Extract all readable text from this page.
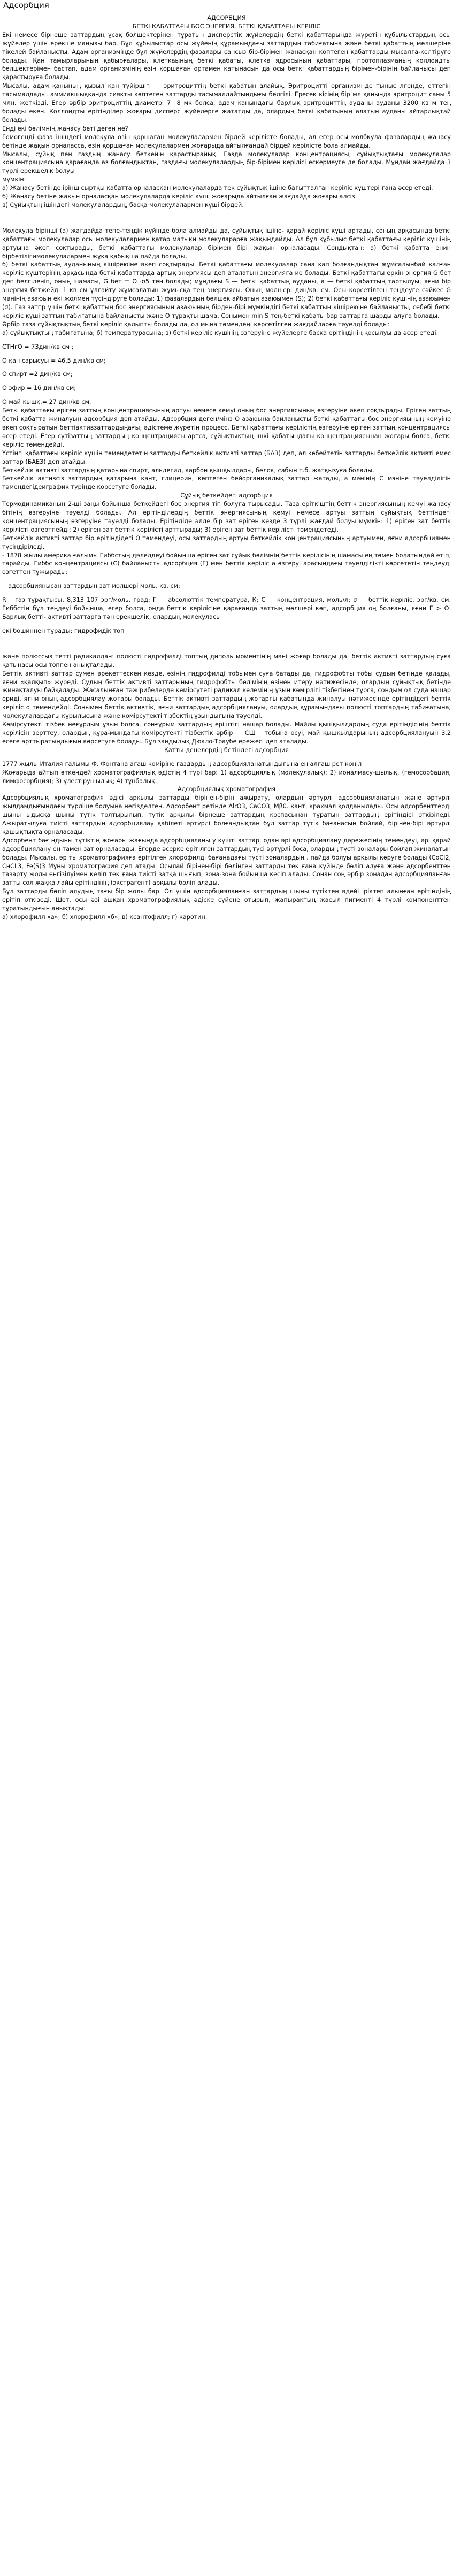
Адсорбция

АДСОРБЦИЯ

БЕТКІ КАБАТТАҒЫ БОС ЭНЕРГИЯ. БЕТКІ ҚАБАТТАҒЫ КЕРІЛІС

Екі немесе бірнеше заттардың ұсақ бөлшектерінен тұратын дисперстік жүйелердің беткі қабаттарында жүретін құбылыстардың осы жүйелер үшін ерекше маңызы бар. Бұл құбылыстар осы жүйенің құрамындағы заттардың табиғатына және беткі қабаттың мөлшеріне тікелей байланысты. Адам организмінде бұл жүйелердің фазалары сансыз бір-бірімен жанасқан көптеген қабаттарды мысалға-келтіруге болады. Қан тамырларының қабырғалары, клеткаының беткі қабаты, клетка ядросының қабаттары, протоплазманың коллоидты бөлшектерімен бастап, адам организмінің өзін қоршаған ортамен қатынасын да осы беткі қабаттардың бірімен-бірінің байланысы деп қарастыруға болады.

Мысалы, адам қанының қызыл қан түйіршігі — эритроциттің беткі қабатын алайық. Эритроцитті организмнде тыныс лғенде, оттегін тасымалдады. аммиакшыққанда сиякты көптеген заттарды тасымалдайтындығы белгілі. Ересек кісінің бір мл қанында эритроцит саны 5 млн. жеткізді. Егер әрбір эритроциттің диаметрі 7—8 мк болса, адам қанындағы барлық эритроциттің ауданы ауданы 3200 кв м тең болады екен. Коллоидты ерітінділер жоғары дисперс жүйелерге жататды да, олардың беткі қабатының алатын ауданы айтарлықтай болады.

Енді екі бөлімнің жанасу беті деген не?

Гомогенді фаза ішіндегі молекула өзін қоршаған молекулалармен бірдей керілісте болады, ал егер осы молбкула фазалардың жанасу бетінде жақын орналасса, өзін қоршаған молекулалармен жоғарыда айтылғандай бірдей керілісте бола алмайды.

Мысалы, сұйық пен газдың жанасу беткейін қарастырайық. Газда молекулалар концентрациясы, сұйықтықтағы молекулалар концентрациясына қарағанда аз болғандықтан, газдағы молекулалардың бір-бірімен керілісі ескермеуге де болады. Мұндай жағдайда 3 түрлі ерекшелік болуы

мүмкін:

а) Жанасу бетінде ірінш сыртқы қабатта орналасқан молекулаларда тек сұйықтық ішіне бағытталған керіліс күштері ғана әсер етеді.

б) Жанасу бетіне жақын орналасқан молекулаларда керіліс күші жоғарыда айтылған жағдайда жоғары алсіз.

в) Сұйықтың ішіндегі молекулалардың, басқа молекулалармен күші бірдей.

Молекула бірінші (а) жағдайда тепе-теңдік күйінде бола алмайды да, сұйықтық ішіне- қарай керіліс күші артады, соның арқасында беткі қабаттағы молекулалар осы молекулалармен қатар матыки молекуларарға жақындайды. Ал бұл құбылыс беткі қабаттағы керіліс күшінің артуына әкеп соқтырады, беткі қабаттағы молекулалар—бірімен—бірі жақын орналасады. Сондықтан: а) беткі қабатта енин бірбетілігимолекулалармен жұка қабықша пайда болады.

б) беткі қабаттың ауданының кішіреюіне әкеп соқтырады. Беткі қабаттағы молекулалар сана кап болғандықтан жұмсалынбай қалған керіліс күштерінің арқасында беткі қабаттарда артық энергиясы деп аталатын энергияға ие болады. Беткі қабаттағы еркін энергия G бет деп белгіленіп, оның шамасы, G бет = О ·σ5 тең болады; мұндағы S — беткі қабаттың ауданы, а — беткі қабаттың тартылуы, яғни бір энергия бетжейді 1 кв см ұлғайту жұмсалатын жұмысқа тең энергиясы. Оның мөлшері дин/кв. см. Осы көрсетілген теңдеуге сәйкес G мәнінің азаюын екі жолмен түсіндіруге болады: 1) фазалардың бөлшек айбатын азаюымен (S); 2) беткі қабаттағы керіліс кушінің азаюымен (σ). Газ затпр үшін беткі қабаттың бос энергиясының азаюының бірден-бірі мүмкіндігі беткі қабаттың кішіреюіне байланысты, себебі беткі керіліс күші заттың табиғатына байланысты және О тұрақты шама. Сонымен min S тең-беткі қабаты бар заттарға шарды алуға болады.

Әрбір таза сұйықтықтың беткі керіліс қалыпты болады да, ол мына төмендеңі көрсетілген жағдайларға тәуелді болады:

а) сұйықтықтың табиғатына; б) температурасына; в) беткі керіліс күшінің өзгеруіне жүйелерге басқа ерітіндінің қосылуы да әсер етеді:

СТНгО = 73дин/кв см ;

О қан сарысуы = 46,5 дин/кв см;

О спирт =2 дин/кв см;

О эфир = 16 дин/кв см;

О май қышқ.= 27 дин/кв см.

Беткі қабаттағы еріген заттың концентрациясының артуы немесе кемуі оның бос энергиясының өзгеруіне әкеп соқтырады. Еріген заттың беткі қабатта жиналуын адсорбция деп атайды. Адсорбция деген/мінз О азаюына байланысты беткі қабаттағы бос энергияының кемуіне әкеп соқтыратын беттіактивзаттардыңағы, әдістеме жүретін процесс. Беткі қабаттағы керілістің өзгеруіне еріген заттың концентрациясы әсер етеді. Егер сутізаттың заттардың концентрациясы артса, сұйықтықтың ішкі қабатындағы концентрациясынан жоғары болса, беткі керіліс төмендейді.

Үстіңгі қабаттағы керіліс күшін төмендететін заттарды беткейлік активті заттар (БАЗ) деп, ал көбейтетін заттарды беткейлік активті емес заттар (БАЕЗ) деп атайды.

Беткейлік активті заттардың қатарына спирт, альдегид, карбон қышқылдары, белок, сабын т.б. жатқызуға болады.

Беткейлік активсіз заттардың қатарына қант, глицерин, көптеген бейорганикалық заттар жатады, а мәнінің С мэніне тәуелділігін тәмендегідеиграфик түрінде көрсетуге болады.

Сұйық беткейдегі адсорбция

Термодинамиканың 2-ші заңы бойынша беткейдегі бос энергия тіп болуға тырысады. Таза еріткіштің беттік энергиясының кемуі жанасу бітінің өзгеруіне тәуелді болады. Ал ерітінділердің беттік энергиясының кемуі немесе артуы заттың сұйықтық беттіндегі концентрациясының өзгеруіне тәуелді болады. Ерітіндіде әлде бір зат еріген кезде 3 түрлі жағдай болуы мүмкін: 1) еріген зат беттік керілісті өзгертпейді; 2) еріген зат беттік керілісті арттырады; 3) еріген зат беттік керілісті төмендетеді.

Беткейлік активті заттар бір ерітіндідегі О төмендеуі, осы заттардың артуы беткейлік концентрациясының артуымен, яғни адсорбциямен түсіндіріледі.

- 1878 жылы америка ғалымы Гиббстың дәлелдеуі бойынша еріген зат сұйық бөлімнің беттік керілісінің шамасы ең төмен болатындай етіп, тарайды. Гиббс концентрациясы (С) байланысты адсорбция (Г) мен беттік керіліс а өзгеруі арасындағы тәуелділікті көрсететін теңдеуді өзгеттен тұжырады:

—адсорбциянысан заттардың зат мөлшері моль. кв. см;

R— газ тұрақтысы, 8,313 107 эрг/моль. град; Г — абсолюттік температура, К; С — концентрация, моль/л; σ — беттік керіліс, эрг/кв. см. Гиббстің бұл теңдеуі бойынша, егер болса, онда беттік керілісіне қарағанда заттың мөлшері көп, адсорбция оң болғаны, яғни Г > О. Барлық беттi- активті заттарга тән ерекшелік, олардың молекуласы

екі бөшиннен тұрады: гидрофидік топ

және полюссыз тетті радикалдан: полюсті гидрофилді топтың диполь моментінің мәні жоғар болады да, беттік активті заттардың суға қатынасы осы топпен анықталады.

Беттік активті заттар сумен әрекеттескен кезде, өзінің гидрофилді тобымен суға батады да, гидрофобты тобы судың бетінде қалады, яғни «қалқып» жүреді. Судың беттік активті заттарының гидрофобты бөлімінің өзінен итеру нәтижесінде, олардың сұйықтық бетінде жинақталуы байқалады. Жасалынған тәжірибелерде көмірсутегі радикал көлемінің ұзын көмірлігі тізбегінен тұрса, сондым ол суда нашар ериді, яғни оның адсорбциялау жоғары болады. Беттік активті заттардың жоғарғы қабатында жиналуы нәтижесінде ерітіндідегі беттік керіліс о төмендейді. Сонымен беттік активтік, яғни заттардың адсорбциялануы, олардың құрамындағы полюсті топтардың табиғатына, молекулалардағы құрылысына және көмірсутекті тізбектің ұзындығына тәуелді.

Көмірсутекті тізбек неғұрлым ұзын болса, сонғұрым заттардың еріштігі нашар болады. Майлы қышқылдардың суда ерітіндісінің беттік керілісін зерттеу, олардың құра-мындағы көмірсутекті тізбектік әрбір — СШ— тобына өсуі, май қышқылдарының адсорбциялануын 3,2 есеге арттыратындығын көрсетуге болады. Бұл заңдылық Дюкло-Траубе ережесі деп аталады.

Қатты денелердің бетіндегі адсорбция

1777 жылы Италия ғалымы Ф. Фонтана ағаш көмірiне газдардың адсорбцияланатындығына ең алғаш рет көңіл

Жоғарыда айтып өткендей хроматографиялық әдістің 4 түрі бар: 1) адсорбциялық (молекулалық); 2) ионалмасу-шылық, (гемосорбация, лимфосорбция); 3) үлестірушылық; 4) тұнбалық.

Адсорбциялық хроматография

Адсорбциялық хроматография әдісі арқылы заттарды бірінен-бірін ажырату, олардың әртүрлі адсорбцияланатын және әртүрлі жылдамдығындағы түрліше болуына негізделген. Адсорбент ретінде AlrO3, CaCO3, Mβ0. қант, крахмал қолданылады. Осы адсорбенттерді шыны ыдысқа шыны түтік толтырылып, түтік арқылы бірнеше заттардың қоспасынан тұратын заттардың ерітіндісі өткізіледі. Ажыратылуға тиісті заттардың адсорбциялау қабілеті әртүрлі болғандықтан бұл заттар түтік бағанасын бойлай, бірінен-бірі әртүрлі қашықтықта орналасады.

Адсорбент бағ ндыны түтіктің жоғары жағында адсорбцияланы у күшті заттар, одан әрі адсорбциялану дәрежесінің темендеуі, әрі қарай адсорбциялану ең тамен зат орналасады. Егерде әсерке ерітілген заттардың түсі әртүрлі боса, олардың түсті зоналары бойлап жиналатын болады. Мысалы, әр ты хроматографияға ерітілген хлорофилді бағанадағы түсті зоналардың . пайда болуы арқылы көруге болады (СоСl2, CнCL3, Fe(S)3 Мұны хроматография деп атады. Осылай бірінен-бірі бөлінген заттарды тек ғана күйінде бөліп алуға және адсорбенттен тазарту жолы енгізілуімен келіп тек ғана тиісті затқа шығып, зона-зона бойынша кесіп алады. Сонан соң әрбір зонадан адсорбцияланған затты сол жаққа лайы ерітіндінің (экстрагент) арқылы бөліп алады.

Бұл заттарды бөліп алудың тағы бір жолы бар. Ол үшін адсорбцияланған заттардың шыны түтіктен әдейі іріктеп алынған ерітіндінің ерітіп өткізеді. Шет, осы әзі ашқан хроматографиялық әдіске сүйене отырып, жапырақтың жасыл пигменті 4 түрлі компоненттен тұратындығын анықтады:

а) хлорофилл «а»; б) хлорофилл «б»; в) ксантофилл; г) каротин.
